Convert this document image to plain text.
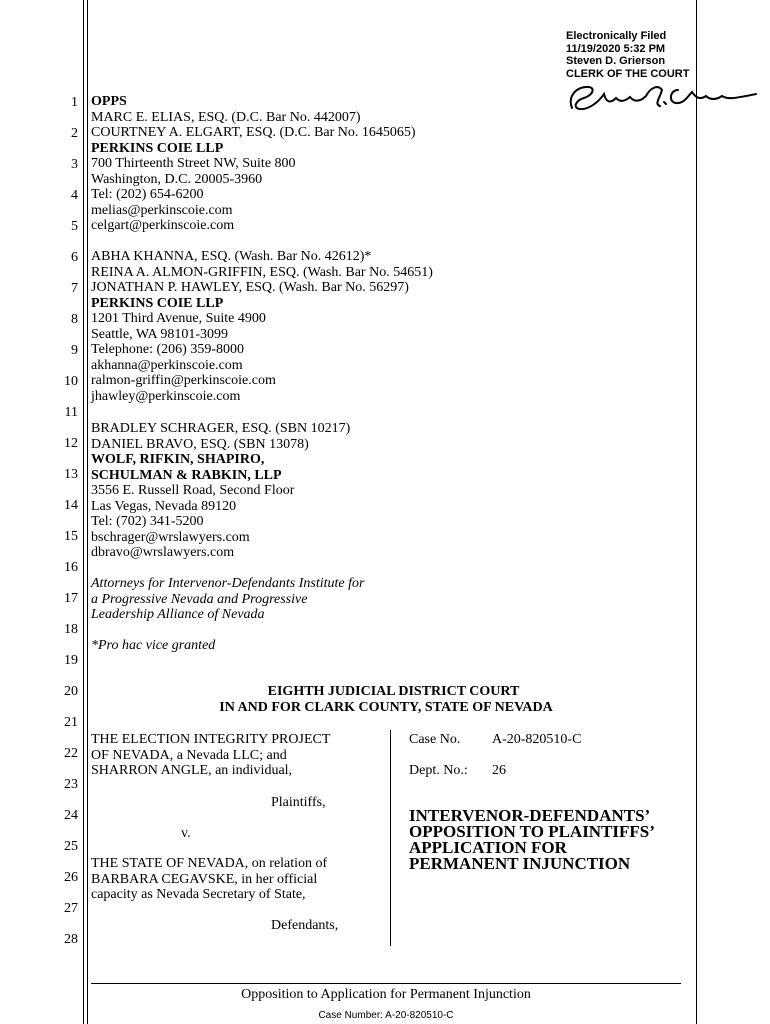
Electronically Filed
11/19/2020 5:32 PM
Steven D. Grierson
CLERK OF THE COURT
1
2
3
4
5
6
7
8
9
10
11
12
13
14
15
16
17
18
19
20
21
22
23
24
25
26
27
28
OPPS
MARC E. ELIAS, ESQ. (D.C. Bar No. 442007)
COURTNEY A. ELGART, ESQ. (D.C. Bar No. 1645065)
PERKINS COIE LLP
700 Thirteenth Street NW, Suite 800
Washington, D.C. 20005-3960
Tel: (202) 654-6200
melias@perkinscoie.com
celgart@perkinscoie.com
ABHA KHANNA, ESQ. (Wash. Bar No. 42612)*
REINA A. ALMON-GRIFFIN, ESQ. (Wash. Bar No. 54651)
JONATHAN P. HAWLEY, ESQ. (Wash. Bar No. 56297)
PERKINS COIE LLP
1201 Third Avenue, Suite 4900
Seattle, WA 98101-3099
Telephone: (206) 359-8000
akhanna@perkinscoie.com
ralmon-griffin@perkinscoie.com
jhawley@perkinscoie.com
BRADLEY SCHRAGER, ESQ. (SBN 10217)
DANIEL BRAVO, ESQ. (SBN 13078)
WOLF, RIFKIN, SHAPIRO,
SCHULMAN & RABKIN, LLP
3556 E. Russell Road, Second Floor
Las Vegas, Nevada 89120
Tel: (702) 341-5200
bschrager@wrslawyers.com
dbravo@wrslawyers.com
Attorneys for Intervenor-Defendants Institute for
a Progressive Nevada and Progressive
Leadership Alliance of Nevada
*Pro hac vice granted
EIGHTH JUDICIAL DISTRICT COURT
IN AND FOR CLARK COUNTY, STATE OF NEVADA
THE ELECTION INTEGRITY PROJECT
OF NEVADA, a Nevada LLC; and
SHARRON ANGLE, an individual,
Plaintiffs,
v.
THE STATE OF NEVADA, on relation of
BARBARA CEGAVSKE, in her official
capacity as Nevada Secretary of State,
Defendants,
Case No. A-20-820510-C
Dept. No.: 26
INTERVENOR-DEFENDANTS’
OPPOSITION TO PLAINTIFFS’
APPLICATION FOR
PERMANENT INJUNCTION
Opposition to Application for Permanent Injunction
Case Number: A-20-820510-C
